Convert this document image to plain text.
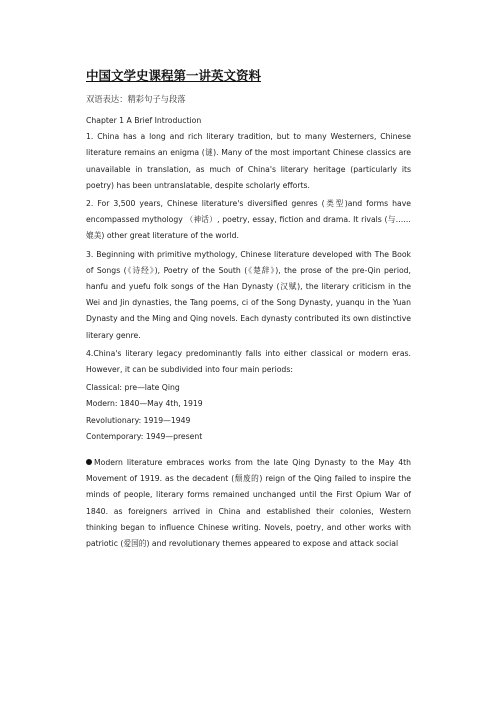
中国文学史课程第一讲英文资料
双语表达：精彩句子与段落
Chapter 1 A Brief Introduction
1. China has a long and rich literary tradition, but to many Westerners, Chinese literature remains an enigma (谜). Many of the most important Chinese classics are unavailable in translation, as much of China's literary heritage (particularly its poetry) has been untranslatable, despite scholarly efforts.
2. For 3,500 years, Chinese literature's diversified genres (类型)and forms have encompassed mythology （神话）, poetry, essay, fiction and drama. It rivals (与……媲美) other great literature of the world.
3. Beginning with primitive mythology, Chinese literature developed with The Book of Songs (《诗经》), Poetry of the South (《楚辞》), the prose of the pre-Qin period, hanfu and yuefu folk songs of the Han Dynasty (汉赋), the literary criticism in the Wei and Jin dynasties, the Tang poems, ci of the Song Dynasty, yuanqu in the Yuan Dynasty and the Ming and Qing novels. Each dynasty contributed its own distinctive literary genre.
4.China's literary legacy predominantly falls into either classical or modern eras. However, it can be subdivided into four main periods:
Classical: pre—late Qing
Modern: 1840—May 4th, 1919
Revolutionary: 1919—1949
Contemporary: 1949—present
Modern literature embraces works from the late Qing Dynasty to the May 4th Movement of 1919. as the decadent (颓废的) reign of the Qing failed to inspire the minds of people, literary forms remained unchanged until the First Opium War of 1840. as foreigners arrived in China and established their colonies, Western thinking began to influence Chinese writing. Novels, poetry, and other works with patriotic (爱国的) and revolutionary themes appeared to expose and attack social
